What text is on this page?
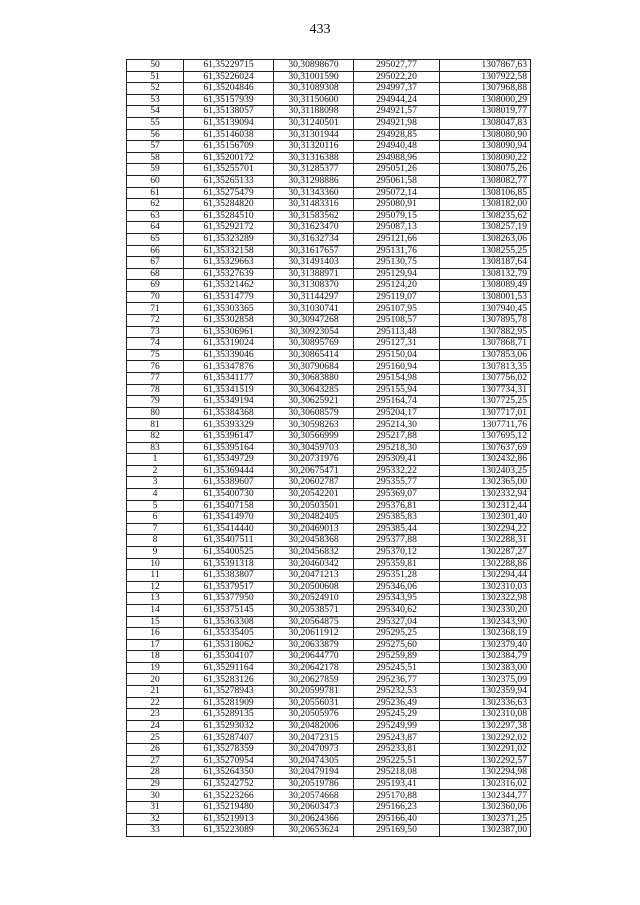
433
50	61,35229715	30,30898670	295027,77	1307867,63
51	61,35226024	30,31001590	295022,20	1307922,58
52	61,35204846	30,31089308	294997,37	1307968,88
53	61,35157939	30,31150600	294944,24	1308000,29
54	61,35138057	30,31188098	294921,57	1308019,77
55	61,35139094	30,31240501	294921,98	1308047,83
56	61,35146038	30,31301944	294928,85	1308080,90
57	61,35156709	30,31320116	294940,48	1308090,94
58	61,35200172	30,31316388	294988,96	1308090,22
59	61,35255701	30,31285377	295051,26	1308075,26
60	61,35265133	30,31298886	295061,58	1308082,77
61	61,35275479	30,31343360	295072,14	1308106,85
62	61,35284820	30,31483316	295080,91	1308182,00
63	61,35284510	30,31583562	295079,15	1308235,62
64	61,35292172	30,31623470	295087,13	1308257,19
65	61,35323289	30,31632734	295121,66	1308263,06
66	61,35332158	30,31617657	295131,76	1308255,25
67	61,35329663	30,31491403	295130,75	1308187,64
68	61,35327639	30,31388971	295129,94	1308132,79
69	61,35321462	30,31308370	295124,20	1308089,49
70	61,35314779	30,31144297	295119,07	1308001,53
71	61,35303365	30,31030741	295107,95	1307940,45
72	61,35302858	30,30947268	295108,57	1307895,78
73	61,35306961	30,30923054	295113,48	1307882,95
74	61,35319024	30,30895769	295127,31	1307868,71
75	61,35339046	30,30865414	295150,04	1307853,06
76	61,35347876	30,30790684	295160,94	1307813,35
77	61,35341177	30,30683880	295154,98	1307756,02
78	61,35341519	30,30643285	295155,94	1307734,31
79	61,35349194	30,30625921	295164,74	1307725,25
80	61,35384368	30,30608579	295204,17	1307717,01
81	61,35393329	30,30598263	295214,30	1307711,76
82	61,35396147	30,30566999	295217,88	1307695,12
83	61,35395164	30,30459703	295218,30	1307637,69
1	61,35349729	30,20731976	295309,41	1302432,86
2	61,35369444	30,20675471	295332,22	1302403,25
3	61,35389607	30,20602787	295355,77	1302365,00
4	61,35400730	30,20542201	295369,07	1302332,94
5	61,35407158	30,20503501	295376,81	1302312,44
6	61,35414970	30,20482405	295385,83	1302301,40
7	61,35414440	30,20469013	295385,44	1302294,22
8	61,35407511	30,20458368	295377,88	1302288,31
9	61,35400525	30,20456832	295370,12	1302287,27
10	61,35391318	30,20460342	295359,81	1302288,86
11	61,35383807	30,20471213	295351,28	1302294,44
12	61,35379517	30,20500608	295346,06	1302310,03
13	61,35377950	30,20524910	295343,95	1302322,98
14	61,35375145	30,20538571	295340,62	1302330,20
15	61,35363308	30,20564875	295327,04	1302343,90
16	61,35335405	30,20611912	295295,25	1302368,19
17	61,35318062	30,20633879	295275,60	1302379,40
18	61,35304107	30,20644770	295259,89	1302384,79
19	61,35291164	30,20642178	295245,51	1302383,00
20	61,35283126	30,20627859	295236,77	1302375,09
21	61,35278943	30,20599781	295232,53	1302359,94
22	61,35281909	30,20556031	295236,49	1302336,63
23	61,35289135	30,20505976	295245,29	1302310,08
24	61,35293032	30,20482006	295249,99	1302297,38
25	61,35287407	30,20472315	295243,87	1302292,02
26	61,35278359	30,20470973	295233,81	1302291,02
27	61,35270954	30,20474305	295225,51	1302292,57
28	61,35264350	30,20479194	295218,08	1302294,98
29	61,35242752	30,20519786	295193,41	1302316,02
30	61,35223266	30,20574668	295170,88	1302344,77
31	61,35219480	30,20603473	295166,23	1302360,06
32	61,35219913	30,20624366	295166,40	1302371,25
33	61,35223089	30,20653624	295169,50	1302387,00
